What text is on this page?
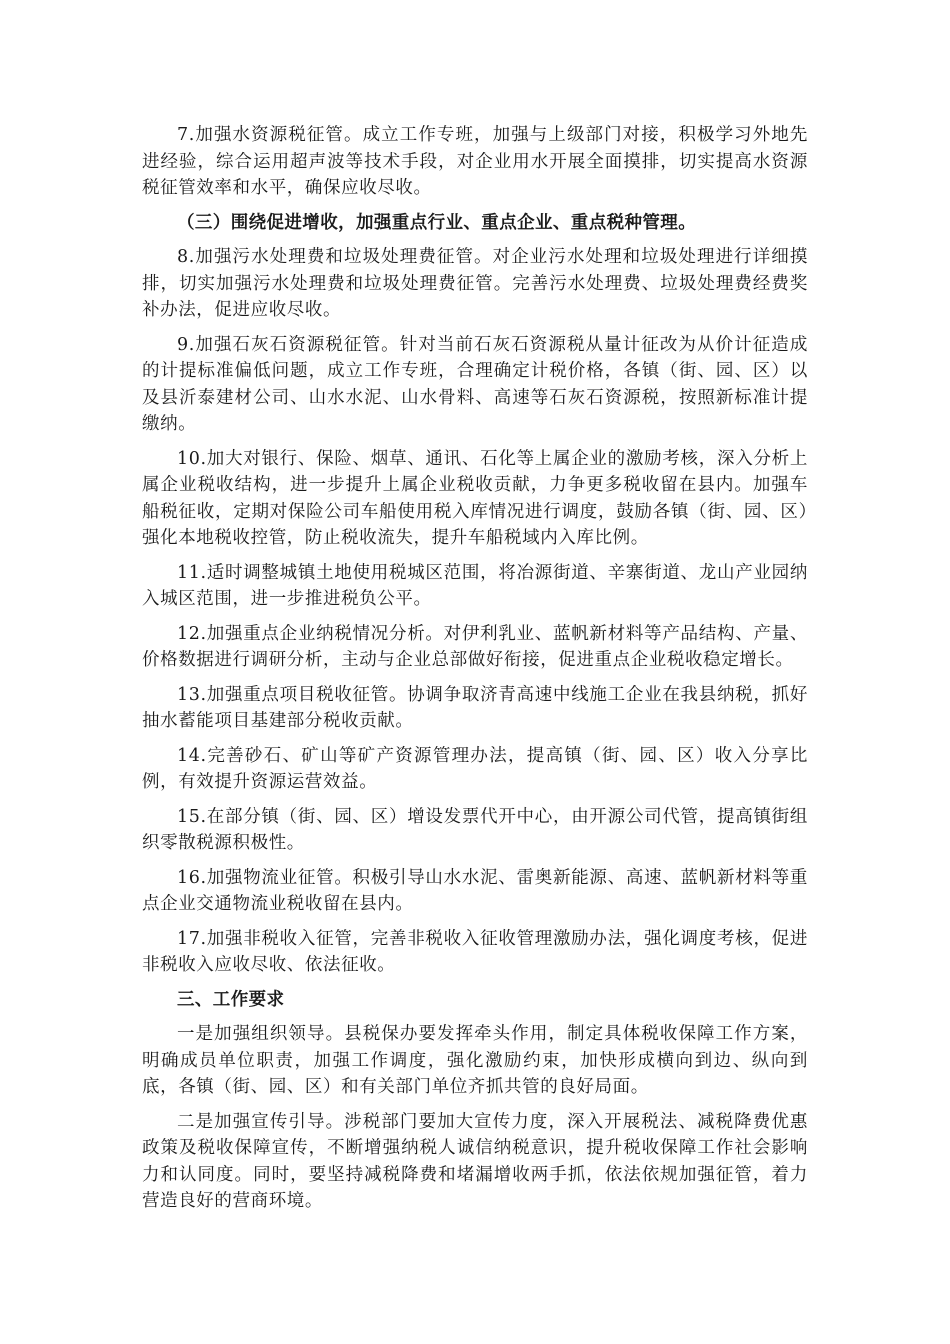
7.加强水资源税征管。成立工作专班，加强与上级部门对接，积极学习外地先进经验，综合运用超声波等技术手段，对企业用水开展全面摸排，切实提高水资源税征管效率和水平，确保应收尽收。

（三）围绕促进增收，加强重点行业、重点企业、重点税种管理。

8.加强污水处理费和垃圾处理费征管。对企业污水处理和垃圾处理进行详细摸排，切实加强污水处理费和垃圾处理费征管。完善污水处理费、垃圾处理费经费奖补办法，促进应收尽收。

9.加强石灰石资源税征管。针对当前石灰石资源税从量计征改为从价计征造成的计提标准偏低问题，成立工作专班，合理确定计税价格，各镇（街、园、区）以及县沂泰建材公司、山水水泥、山水骨料、高速等石灰石资源税，按照新标准计提缴纳。

10.加大对银行、保险、烟草、通讯、石化等上属企业的激励考核，深入分析上属企业税收结构，进一步提升上属企业税收贡献，力争更多税收留在县内。加强车船税征收，定期对保险公司车船使用税入库情况进行调度，鼓励各镇（街、园、区）强化本地税收控管，防止税收流失，提升车船税域内入库比例。

11.适时调整城镇土地使用税城区范围，将冶源街道、辛寨街道、龙山产业园纳入城区范围，进一步推进税负公平。

12.加强重点企业纳税情况分析。对伊利乳业、蓝帆新材料等产品结构、产量、价格数据进行调研分析，主动与企业总部做好衔接，促进重点企业税收稳定增长。

13.加强重点项目税收征管。协调争取济青高速中线施工企业在我县纳税，抓好抽水蓄能项目基建部分税收贡献。

14.完善砂石、矿山等矿产资源管理办法，提高镇（街、园、区）收入分享比例，有效提升资源运营效益。

15.在部分镇（街、园、区）增设发票代开中心，由开源公司代管，提高镇街组织零散税源积极性。

16.加强物流业征管。积极引导山水水泥、雷奥新能源、高速、蓝帆新材料等重点企业交通物流业税收留在县内。

17.加强非税收入征管，完善非税收入征收管理激励办法，强化调度考核，促进非税收入应收尽收、依法征收。

三、工作要求

一是加强组织领导。县税保办要发挥牵头作用，制定具体税收保障工作方案，明确成员单位职责，加强工作调度，强化激励约束，加快形成横向到边、纵向到底，各镇（街、园、区）和有关部门单位齐抓共管的良好局面。

二是加强宣传引导。涉税部门要加大宣传力度，深入开展税法、减税降费优惠政策及税收保障宣传，不断增强纳税人诚信纳税意识，提升税收保障工作社会影响力和认同度。同时，要坚持减税降费和堵漏增收两手抓，依法依规加强征管，着力营造良好的营商环境。
